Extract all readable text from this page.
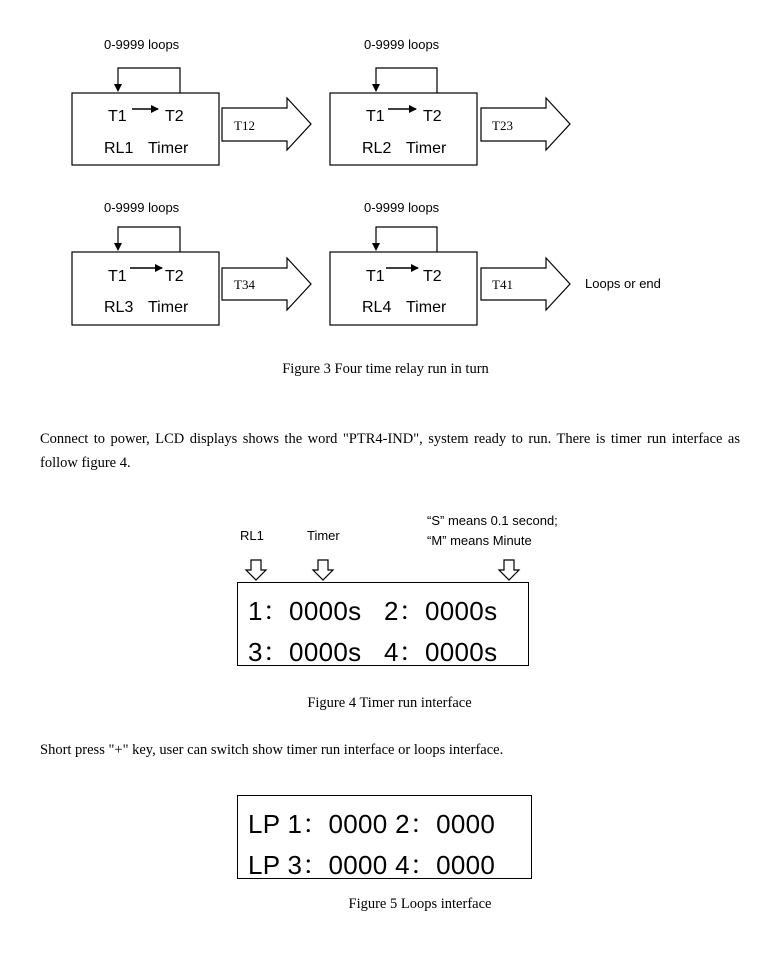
0-9999 loops	0-9999 loops
0-9999 loops	0-9999 loops
T1 T2
RL1 Timer
T12
T1 T2
RL2 Timer
T23
T1 T2
RL3 Timer
T34	T1 T2
RL4 Timer
T41	Loops or end
Figure 3 Four time relay run in turn
Connect to power, LCD displays shows the word "PTR4-IND", system ready to run. There is timer run interface as follow figure 4.
RL1	Timer
“S” means 0.1 second;
“M” means Minute
1：0000s   2：0000s
3：0000s   4：0000s
Figure 4 Timer run interface
Short press "+" key, user can switch show timer run interface or loops interface.
LP 1：0000 2：0000
LP 3：0000 4：0000
Figure 5 Loops interface
